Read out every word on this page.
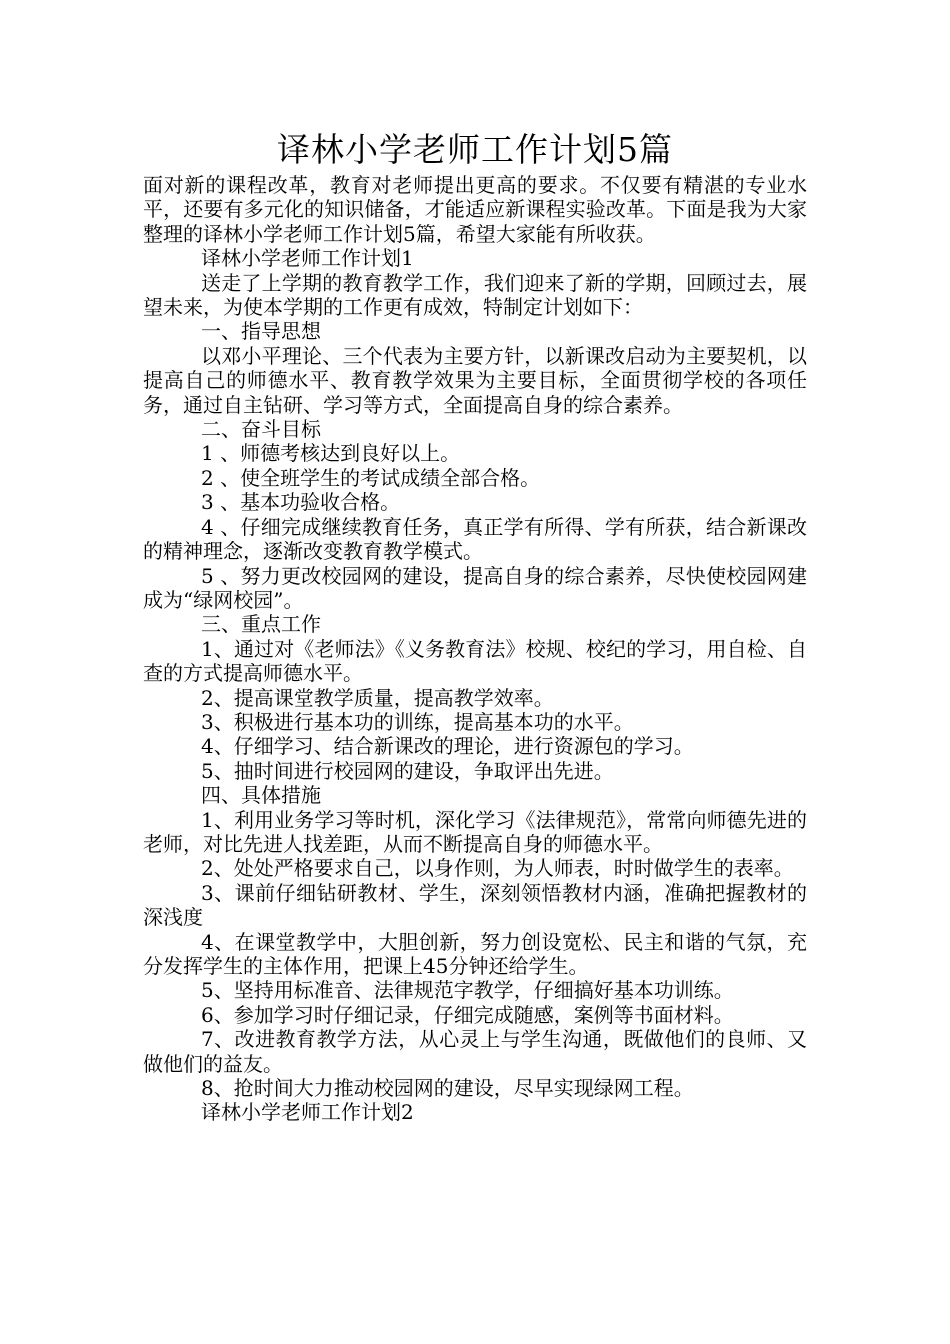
译林小学老师工作计划5篇

面对新的课程改革，教育对老师提出更高的要求。不仅要有精湛的专业水平，还要有多元化的知识储备，才能适应新课程实验改革。下面是我为大家整理的译林小学老师工作计划5篇，希望大家能有所收获。

译林小学老师工作计划1

送走了上学期的教育教学工作，我们迎来了新的学期，回顾过去，展望未来，为使本学期的工作更有成效，特制定计划如下：

一、指导思想

以邓小平理论、三个代表为主要方针，以新课改启动为主要契机，以提高自己的师德水平、教育教学效果为主要目标，全面贯彻学校的各项任务，通过自主钻研、学习等方式，全面提高自身的综合素养。

二、奋斗目标

1 、师德考核达到良好以上。

2 、使全班学生的考试成绩全部合格。

3 、基本功验收合格。

4 、仔细完成继续教育任务，真正学有所得、学有所获，结合新课改的精神理念，逐渐改变教育教学模式。

5 、努力更改校园网的建设，提高自身的综合素养，尽快使校园网建成为“绿网校园”。

三、重点工作

1、通过对《老师法》《义务教育法》校规、校纪的学习，用自检、自查的方式提高师德水平。

2、提高课堂教学质量，提高教学效率。

3、积极进行基本功的训练，提高基本功的水平。

4、仔细学习、结合新课改的理论，进行资源包的学习。

5、抽时间进行校园网的建设，争取评出先进。

四、具体措施

1、利用业务学习等时机，深化学习《法律规范》，常常向师德先进的老师，对比先进人找差距，从而不断提高自身的师德水平。

2、处处严格要求自己，以身作则，为人师表，时时做学生的表率。

3、课前仔细钻研教材、学生，深刻领悟教材内涵，准确把握教材的深浅度

4、在课堂教学中，大胆创新，努力创设宽松、民主和谐的气氛，充分发挥学生的主体作用，把课上45分钟还给学生。

5、坚持用标准音、法律规范字教学，仔细搞好基本功训练。

6、参加学习时仔细记录，仔细完成随感，案例等书面材料。

7、改进教育教学方法，从心灵上与学生沟通，既做他们的良师、又做他们的益友。

8、抢时间大力推动校园网的建设，尽早实现绿网工程。

译林小学老师工作计划2
